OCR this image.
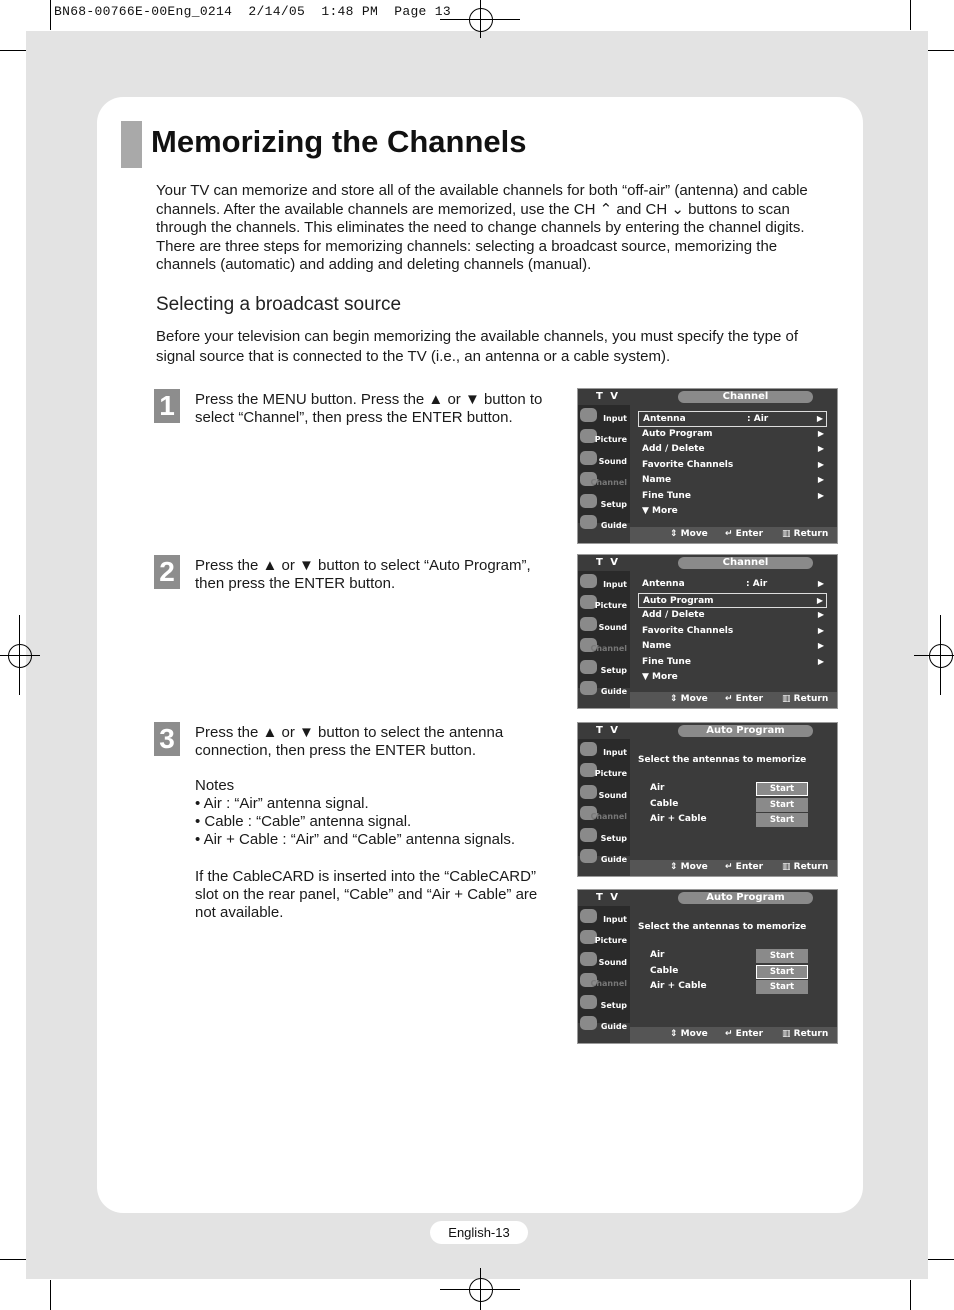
BN68-00766E-00Eng_0214  2/14/05  1:48 PM  Page 13
Memorizing the Channels
Your TV can memorize and store all of the available channels for both “off-air” (antenna) and cable channels. After the available channels are memorized, use the CH ⌃ and CH ⌄ buttons to scan through the channels. This eliminates the need to change channels by entering the channel digits. There are three steps for memorizing channels: selecting a broadcast source, memorizing the channels (automatic) and adding and deleting channels (manual).
Selecting a broadcast source
Before your television can begin memorizing the available channels, you must specify the type of signal source that is connected to the TV (i.e., an antenna or a cable system).
1	Press the MENU button. Press the ▲ or ▼ button to select “Channel”, then press the ENTER button.

2	Press the ▲ or ▼ button to select “Auto Program”, then press the ENTER button.

3	Press the ▲ or ▼ button to select the antenna connection, then press the ENTER button.

Notes

• Air : “Air” antenna signal.

• Cable : “Cable” antenna signal.

• Air + Cable : “Air” and “Cable” antenna signals.

If the CableCARD is inserted into the “CableCARD” slot on the rear panel, “Cable” and “Air + Cable” are not available.

T V	Channel
Input
Picture
Sound
Channel
Setup
Guide
Antenna	: Air	▶
Auto Program	▶
Add / Delete	▶
Favorite Channels	▶
Name	▶
Fine Tune	▶
▼ More
⇕ Move ↵ Enter ▥ Return
T V	Channel
Input
Picture
Sound
Channel
Setup
Guide
Antenna	: Air	▶
Auto Program	▶
Add / Delete	▶
Favorite Channels	▶
Name	▶
Fine Tune	▶
▼ More
⇕ Move ↵ Enter ▥ Return
T V	Auto Program
Input
Picture
Sound
Channel
Setup
Guide
Select the antennas to memorize
Air	Start
Cable	Start
Air + Cable	Start
⇕ Move ↵ Enter ▥ Return
T V	Auto Program
Input
Picture
Sound
Channel
Setup
Guide
Select the antennas to memorize
Air	Start
Cable	Start
Air + Cable	Start
⇕ Move ↵ Enter ▥ Return
English-13
